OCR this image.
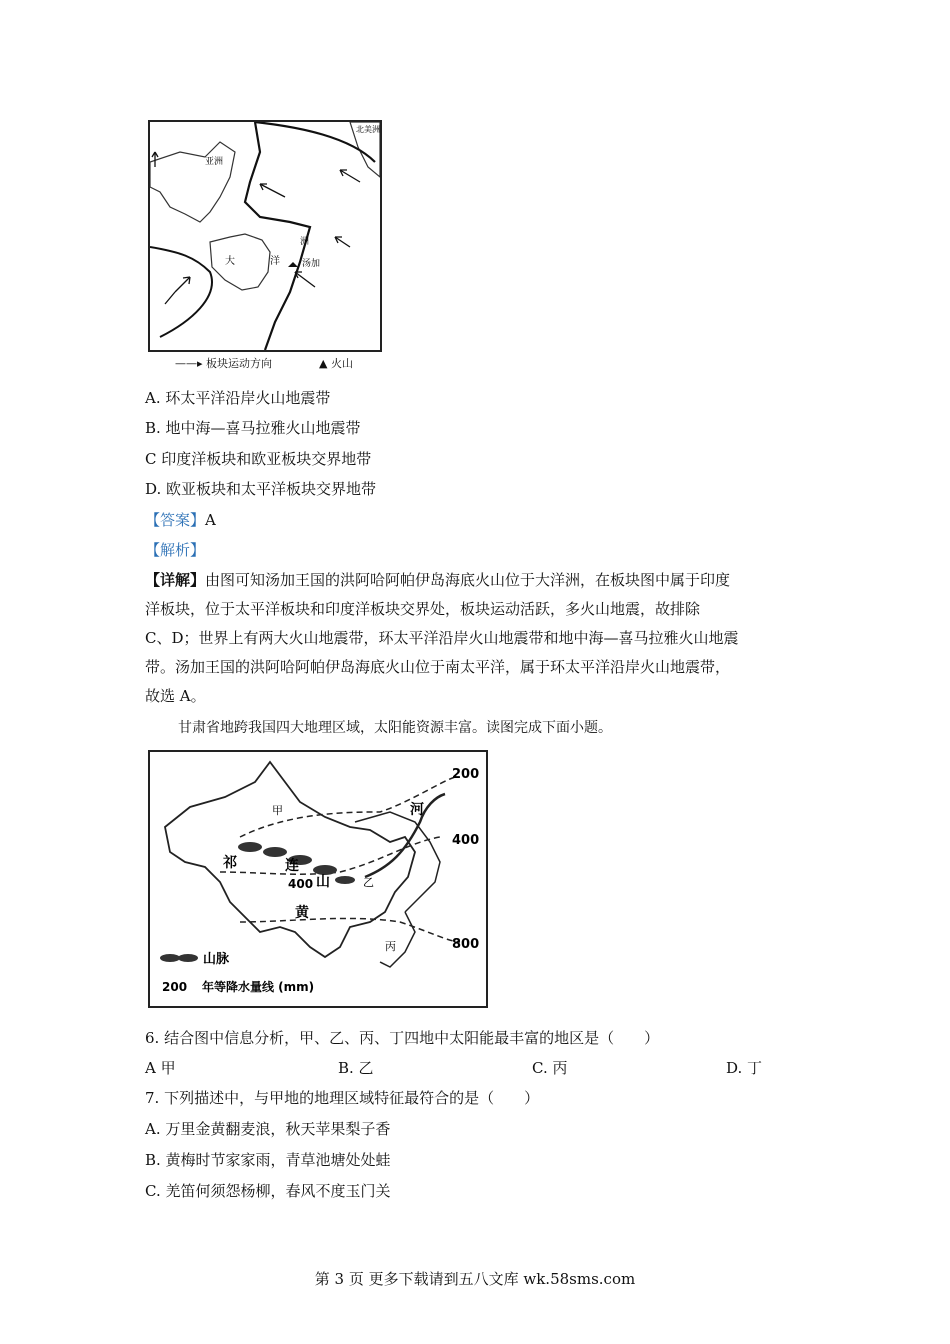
亚洲
北美洲
洲
大	洋 汤加
——▸ 板块运动方向	▲ 火山
A. 环太平洋沿岸火山地震带
B. 地中海—喜马拉雅火山地震带
C 印度洋板块和欧亚板块交界地带
D. 欧亚板块和太平洋板块交界地带
【答案】A
【解析】
【详解】由图可知汤加王国的洪阿哈阿帕伊岛海底火山位于大洋洲，在板块图中属于印度
洋板块，位于太平洋板块和印度洋板块交界处，板块运动活跃，多火山地震，故排除
C、D；世界上有两大火山地震带，环太平洋沿岸火山地震带和地中海—喜马拉雅火山地震
带。汤加王国的洪阿哈阿帕伊岛海底火山位于南太平洋，属于环太平洋沿岸火山地震带，
故选 A。
甘肃省地跨我国四大地理区域，太阳能资源丰富。读图完成下面小题。
甲	河
祁	连
山	乙
黄
丙
200
400
400
800
山脉
200 年等降水量线 (mm)
6. 结合图中信息分析，甲、乙、丙、丁四地中太阳能最丰富的地区是（　　）
A 甲	B. 乙	C. 丙	D. 丁
7. 下列描述中，与甲地的地理区域特征最符合的是（　　）
A. 万里金黄翻麦浪，秋天苹果梨子香
B. 黄梅时节家家雨，青草池塘处处蛙
C. 羌笛何须怨杨柳，春风不度玉门关
第 3 页 更多下载请到五八文库 wk.58sms.com
